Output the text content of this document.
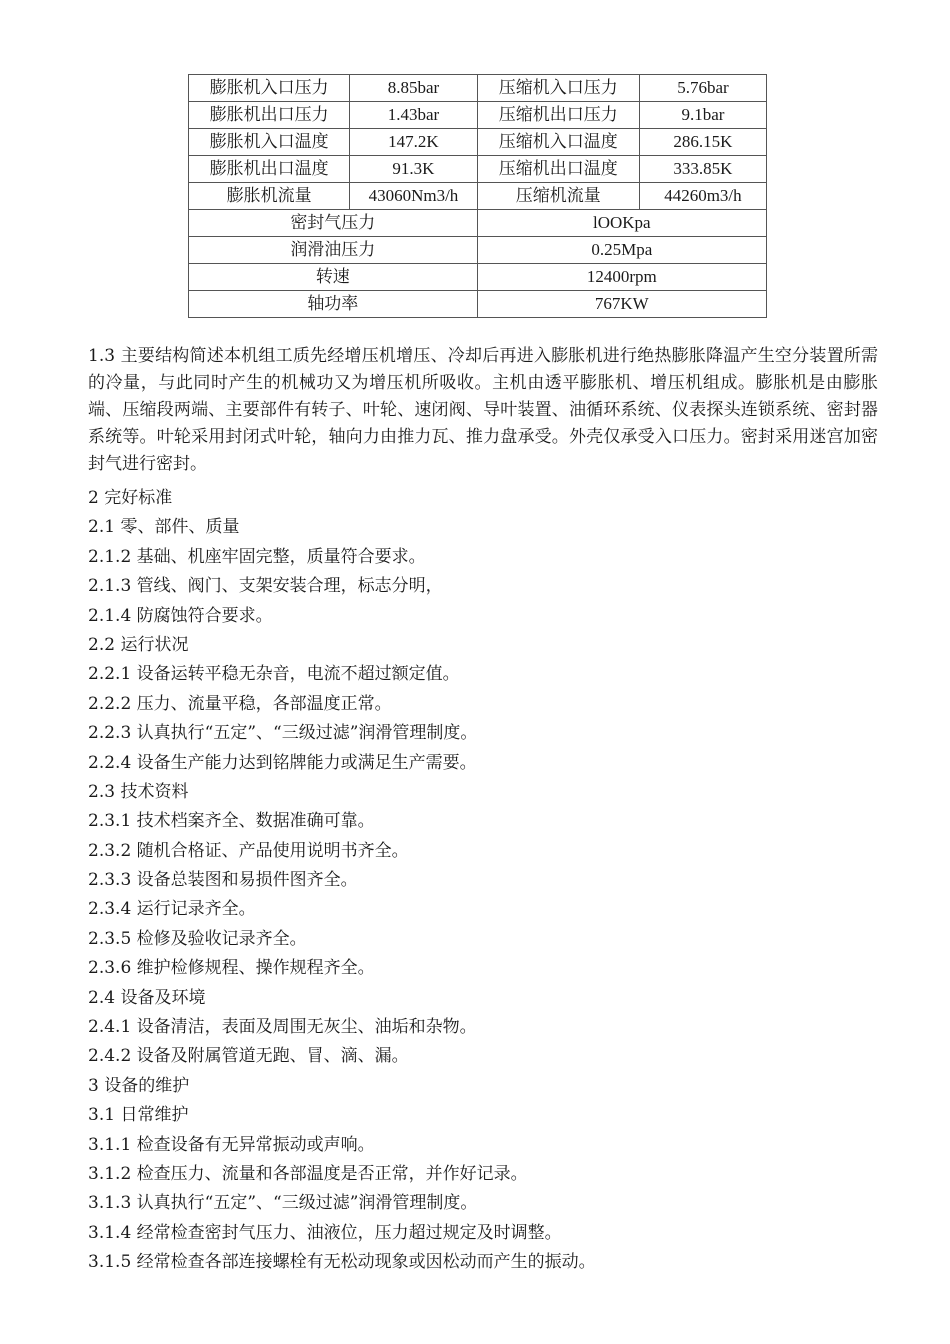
膨胀机入口压力	8.85bar	压缩机入口压力	5.76bar
膨胀机出口压力	1.43bar	压缩机出口压力	9.1bar
膨胀机入口温度	147.2K	压缩机入口温度	286.15K
膨胀机出口温度	91.3K	压缩机出口温度	333.85K
膨胀机流量	43060Nm3/h	压缩机流量	44260m3/h
密封气压力		lOOKpa	
润滑油压力		0.25Mpa	
转速		12400rpm	
轴功率		767KW	

1.3 主要结构简述本机组工质先经增压机增压、冷却后再进入膨胀机进行绝热膨胀降温产生空分装置所需的冷量，与此同时产生的机械功又为增压机所吸收。主机由透平膨胀机、增压机组成。膨胀机是由膨胀端、压缩段两端、主要部件有转子、叶轮、速闭阀、导叶装置、油循环系统、仪表探头连锁系统、密封器系统等。叶轮采用封闭式叶轮，轴向力由推力瓦、推力盘承受。外壳仅承受入口压力。密封采用迷宫加密封气进行密封。

2 完好标准

2.1 零、部件、质量

2.1.2 基础、机座牢固完整，质量符合要求。

2.1.3 管线、阀门、支架安装合理，标志分明，

2.1.4 防腐蚀符合要求。

2.2 运行状况

2.2.1 设备运转平稳无杂音，电流不超过额定值。

2.2.2 压力、流量平稳，各部温度正常。

2.2.3 认真执行“五定”、“三级过滤”润滑管理制度。

2.2.4 设备生产能力达到铭牌能力或满足生产需要。

2.3 技术资料

2.3.1 技术档案齐全、数据准确可靠。

2.3.2 随机合格证、产品使用说明书齐全。

2.3.3 设备总装图和易损件图齐全。

2.3.4 运行记录齐全。

2.3.5 检修及验收记录齐全。

2.3.6 维护检修规程、操作规程齐全。

2.4 设备及环境

2.4.1 设备清洁，表面及周围无灰尘、油垢和杂物。

2.4.2 设备及附属管道无跑、冒、滴、漏。

3 设备的维护

3.1 日常维护

3.1.1 检查设备有无异常振动或声响。

3.1.2 检查压力、流量和各部温度是否正常，并作好记录。

3.1.3 认真执行“五定”、“三级过滤”润滑管理制度。

3.1.4 经常检查密封气压力、油液位，压力超过规定及时调整。

3.1.5 经常检查各部连接螺栓有无松动现象或因松动而产生的振动。
